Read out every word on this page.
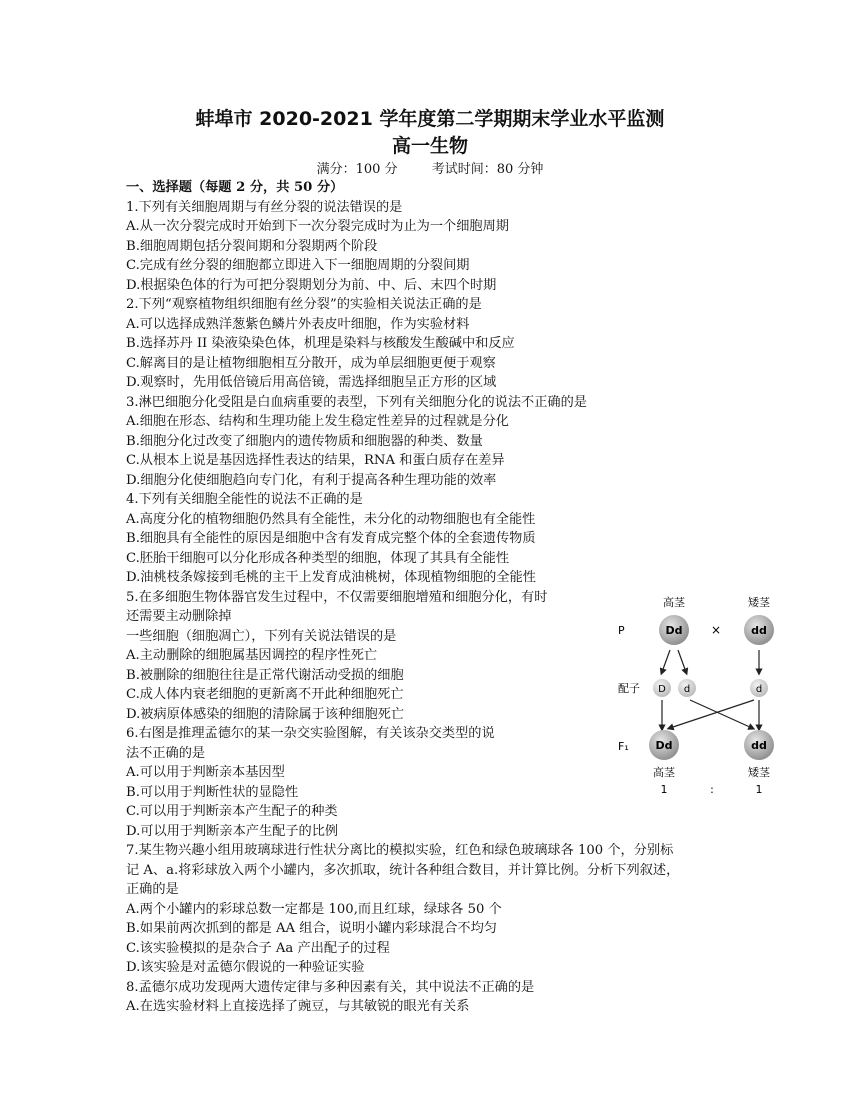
蚌埠市 2020-2021 学年度第二学期期末学业水平监测
高一生物
满分：100 分	考试时间：80 分钟
一、选择题（每题 2 分，共 50 分）
1.下列有关细胞周期与有丝分裂的说法错误的是
A.从一次分裂完成时开始到下一次分裂完成时为止为一个细胞周期
B.细胞周期包括分裂间期和分裂期两个阶段
C.完成有丝分裂的细胞都立即进入下一细胞周期的分裂间期
D.根据染色体的行为可把分裂期划分为前、中、后、末四个时期
2.下列“观察植物组织细胞有丝分裂”的实验相关说法正确的是
A.可以选择成熟洋葱紫色鳞片外表皮叶细胞，作为实验材料
B.选择苏丹 II 染液染染色体，机理是染料与核酸发生酸碱中和反应
C.解离目的是让植物细胞相互分散开，成为单层细胞更便于观察
D.观察时，先用低倍镜后用高倍镜，需选择细胞呈正方形的区域
3.淋巴细胞分化受阻是白血病重要的表型，下列有关细胞分化的说法不正确的是
A.细胞在形态、结构和生理功能上发生稳定性差异的过程就是分化
B.细胞分化过改变了细胞内的遗传物质和细胞器的种类、数量
C.从根本上说是基因选择性表达的结果，RNA 和蛋白质存在差异
D.细胞分化使细胞趋向专门化，有利于提高各种生理功能的效率
4.下列有关细胞全能性的说法不正确的是
A.高度分化的植物细胞仍然具有全能性，未分化的动物细胞也有全能性
B.细胞具有全能性的原因是细胞中含有发育成完整个体的全套遗传物质
C.胚胎干细胞可以分化形成各种类型的细胞，体现了其具有全能性
D.油桃枝条嫁接到毛桃的主干上发育成油桃树，体现植物细胞的全能性
5.在多细胞生物体器官发生过程中，不仅需要细胞增殖和细胞分化，有时
还需要主动删除掉
一些细胞（细胞凋亡），下列有关说法错误的是
A.主动删除的细胞属基因调控的程序性死亡
B.被删除的细胞往往是正常代谢活动受损的细胞
C.成人体内衰老细胞的更新离不开此种细胞死亡
D.被病原体感染的细胞的清除属于该种细胞死亡
6.右图是推理孟德尔的某一杂交实验图解，有关该杂交类型的说
法不正确的是
A.可以用于判断亲本基因型
B.可以用于判断性状的显隐性
C.可以用于判断亲本产生配子的种类
D.可以用于判断亲本产生配子的比例
7.某生物兴趣小组用玻璃球进行性状分离比的模拟实验，红色和绿色玻璃球各 100 个，分别标
记 A、a.将彩球放入两个小罐内，多次抓取，统计各种组合数目，并计算比例。分析下列叙述，
正确的是
A.两个小罐内的彩球总数一定都是 100,而且红球，绿球各 50 个
B.如果前两次抓到的都是 AA 组合，说明小罐内彩球混合不均匀
C.该实验模拟的是杂合子 Aa 产出配子的过程
D.该实验是对孟德尔假说的一种验证实验
8.孟德尔成功发现两大遗传定律与多种因素有关，其中说法不正确的是
A.在选实验材料上直接选择了豌豆，与其敏锐的眼光有关系
高茎	矮茎
P	Dd ×	dd
配子 D d	d
F₁ Dd	dd
高茎	矮茎
1	:	1
